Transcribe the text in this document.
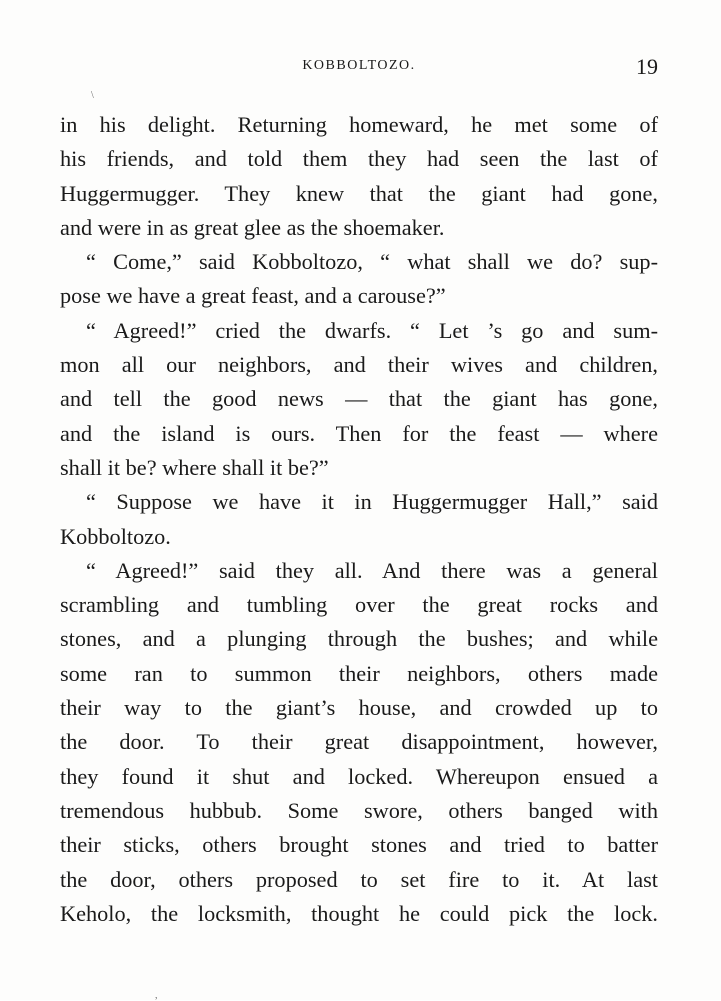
KOBBOLTOZO.	19
\
in his delight. Returning homeward, he met some of
his friends, and told them they had seen the last of
Huggermugger. They knew that the giant had gone,
and were in as great glee as the shoemaker.
“ Come,” said Kobboltozo, “ what shall we do? sup-
pose we have a great feast, and a carouse?”
“ Agreed!” cried the dwarfs. “ Let ’s go and sum-
mon all our neighbors, and their wives and children,
and tell the good news — that the giant has gone,
and the island is ours. Then for the feast — where
shall it be? where shall it be?”
“ Suppose we have it in Huggermugger Hall,” said
Kobboltozo.
“ Agreed!” said they all. And there was a general
scrambling and tumbling over the great rocks and
stones, and a plunging through the bushes; and while
some ran to summon their neighbors, others made
their way to the giant’s house, and crowded up to
the door. To their great disappointment, however,
they found it shut and locked. Whereupon ensued a
tremendous hubbub. Some swore, others banged with
their sticks, others brought stones and tried to batter
the door, others proposed to set fire to it. At last
Keholo, the locksmith, thought he could pick the lock.
,
